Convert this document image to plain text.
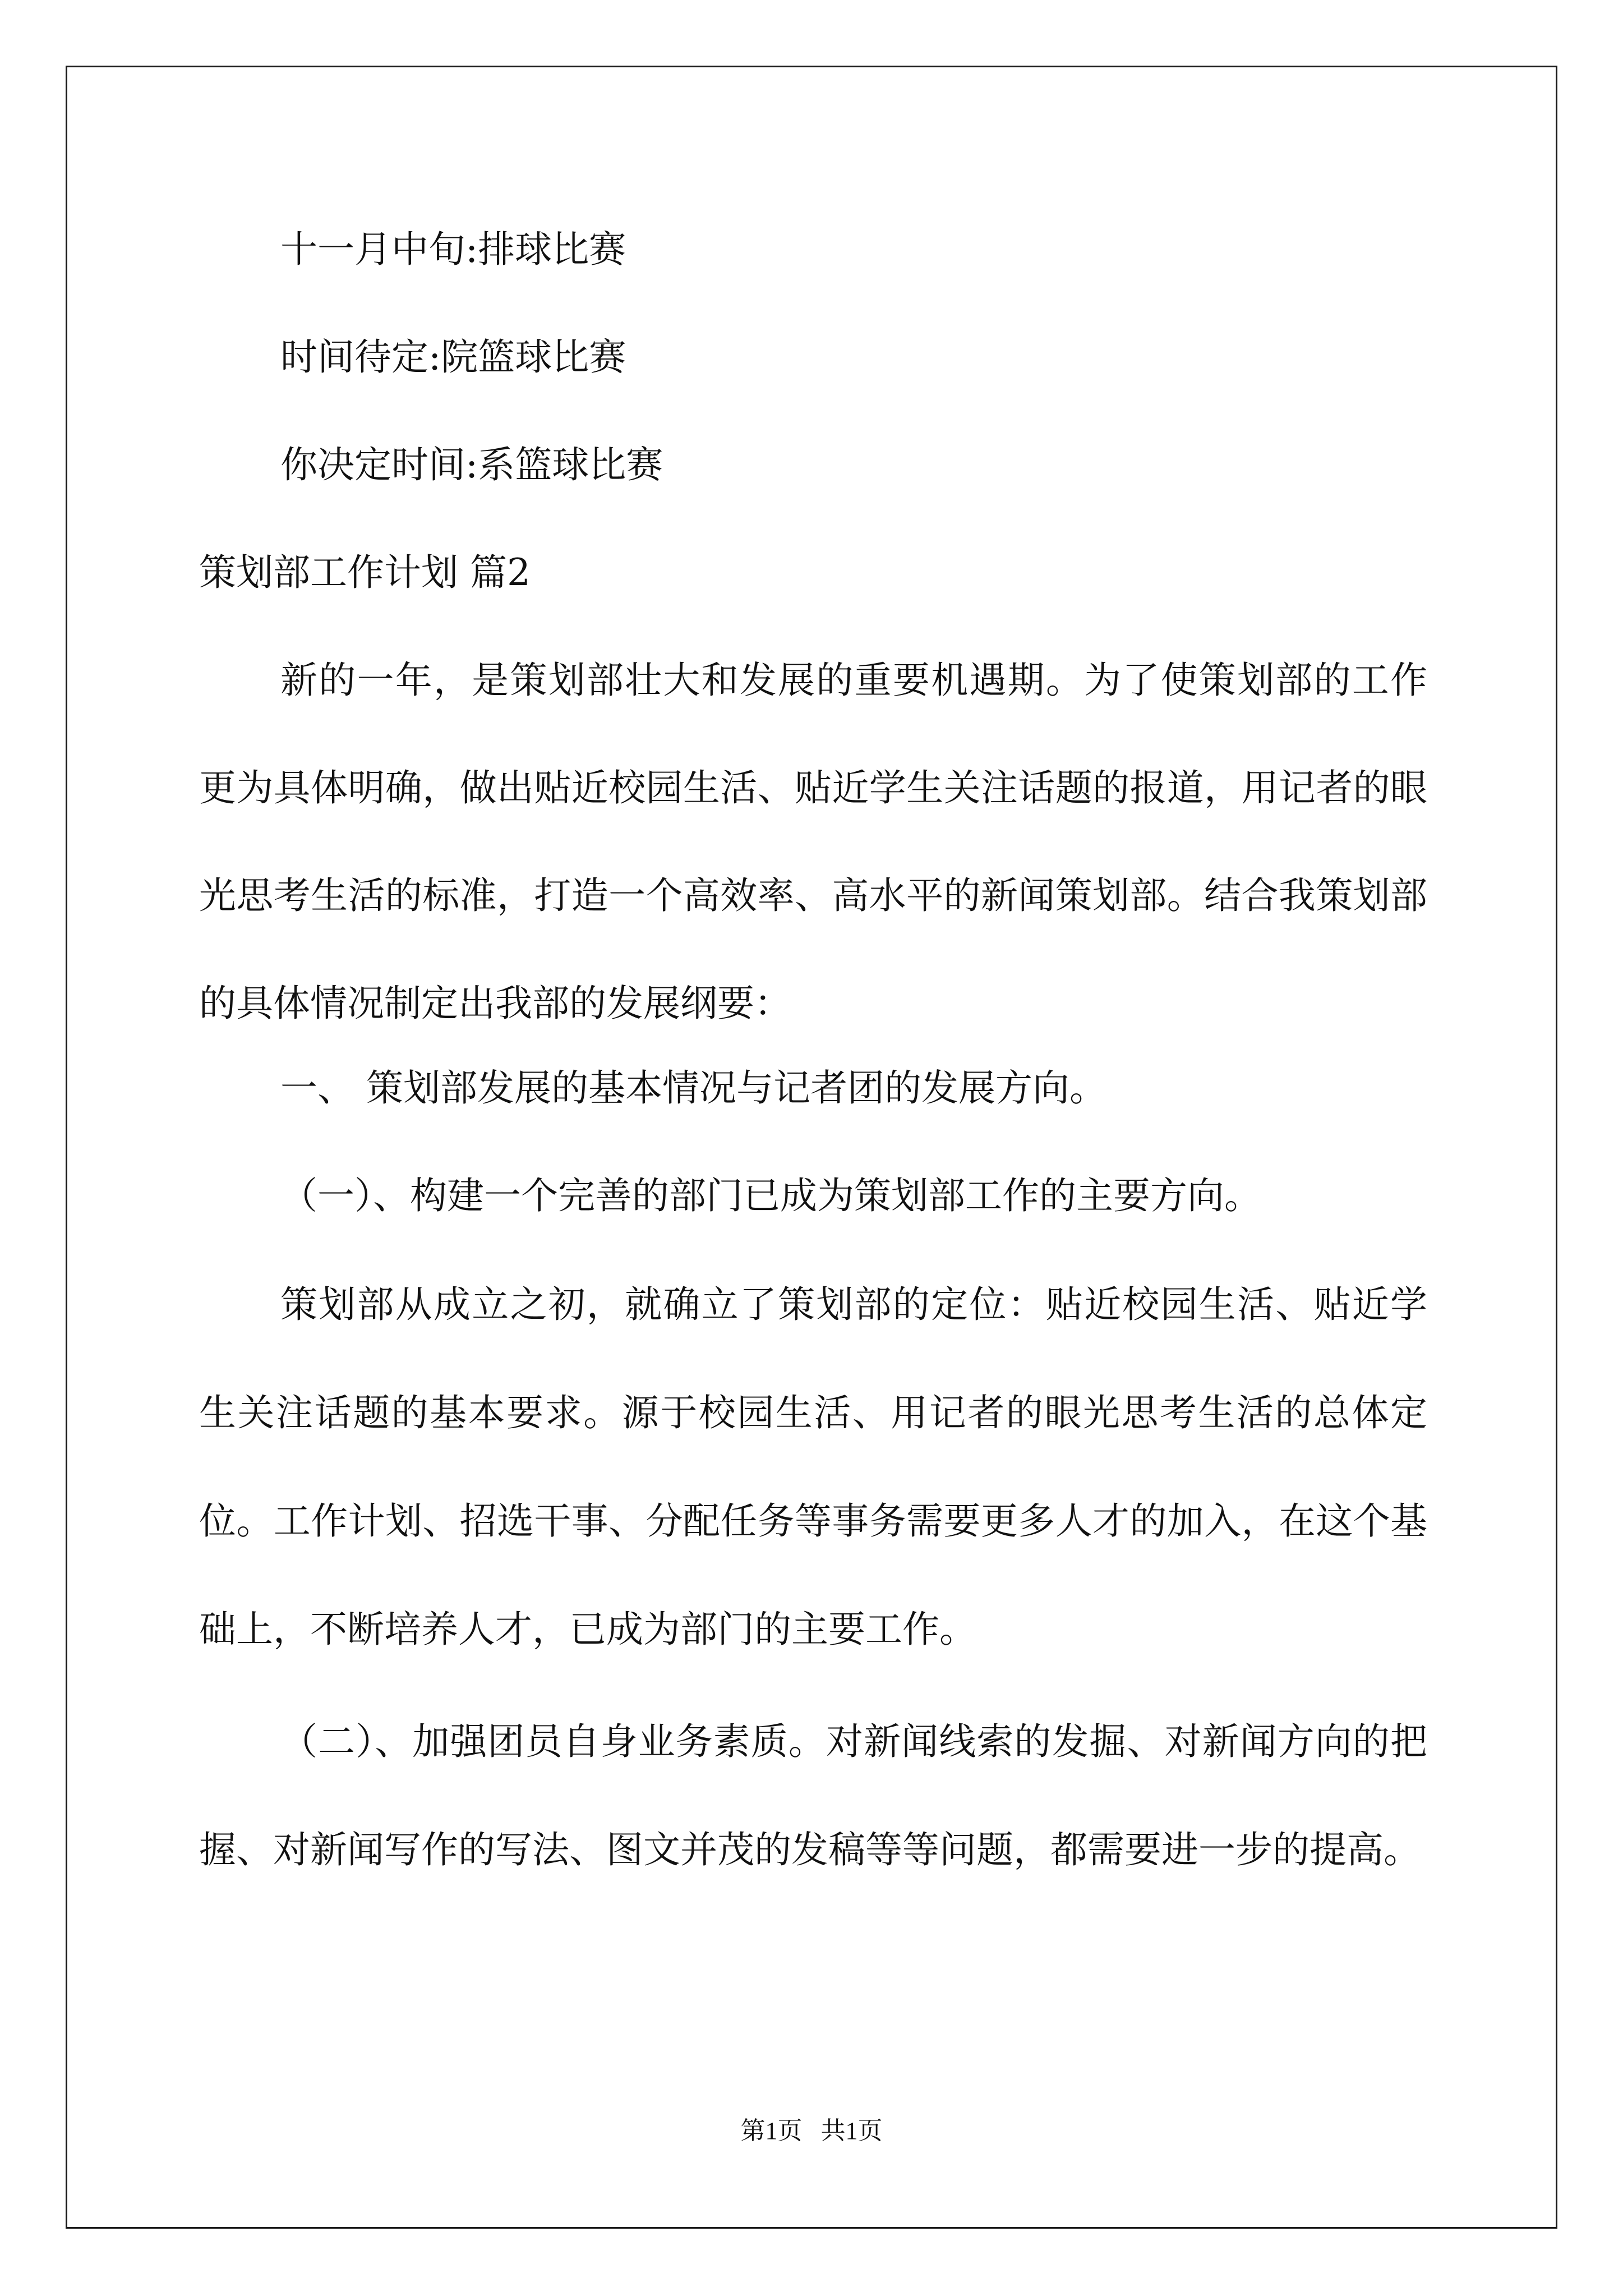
十一月中旬:排球比赛
时间待定:院篮球比赛
你决定时间:系篮球比赛
策划部工作计划 篇2

新的一年，是策划部壮大和发展的重要机遇期。为了使策划部的工作更为具体明确，做出贴近校园生活、贴近学生关注话题的报道，用记者的眼光思考生活的标准，打造一个高效率、高水平的新闻策划部。结合我策划部的具体情况制定出我部的发展纲要：

一、 策划部发展的基本情况与记者团的发展方向。
（一）、构建一个完善的部门已成为策划部工作的主要方向。

策划部从成立之初，就确立了策划部的定位：贴近校园生活、贴近学生关注话题的基本要求。源于校园生活、用记者的眼光思考生活的总体定位。工作计划、招选干事、分配任务等事务需要更多人才的加入，在这个基础上，不断培养人才，已成为部门的主要工作。

（二）、加强团员自身业务素质。对新闻线索的发掘、对新闻方向的把握、对新闻写作的写法、图文并茂的发稿等等问题，都需要进一步的提高。

第1页   共1页
